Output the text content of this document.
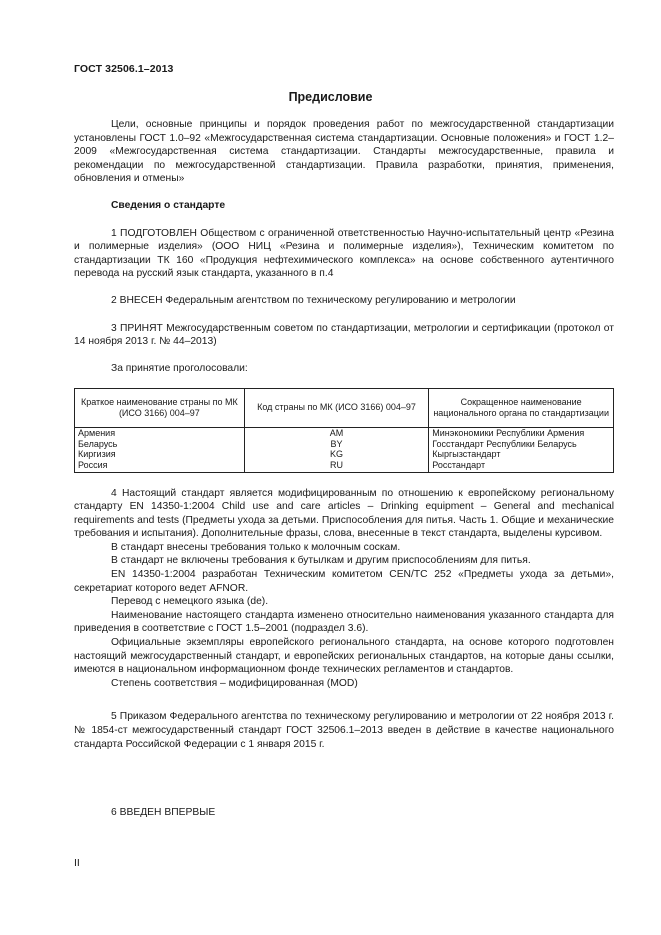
ГОСТ 32506.1–2013
Предисловие

Цели, основные принципы и порядок проведения работ по межгосударственной стандартизации установлены ГОСТ 1.0–92 «Межгосударственная система стандартизации. Основные положения» и ГОСТ 1.2–2009 «Межгосударственная система стандартизации. Стандарты межгосударственные, правила и рекомендации по межгосударственной стандартизации. Правила разработки, принятия, применения, обновления и отмены»

Сведения о стандарте

1 ПОДГОТОВЛЕН Обществом с ограниченной ответственностью Научно-испытательный центр «Резина и полимерные изделия» (ООО НИЦ «Резина и полимерные изделия»), Техническим комитетом по стандартизации ТК 160 «Продукция нефтехимического комплекса» на основе собственного аутентичного перевода на русский язык стандарта, указанного в п.4

2 ВНЕСЕН Федеральным агентством по техническому регулированию и метрологии

3 ПРИНЯТ Межгосударственным советом по стандартизации, метрологии и сертификации (протокол от 14 ноября 2013 г. № 44–2013)

За принятие проголосовали:

Краткое наименование страны по МК (ИСО 3166) 004–97	Код страны по МК (ИСО 3166) 004–97	Сокращенное наименование национального органа по стандартизации
Армения	AM	Минэкономики Республики Армения
Беларусь	BY	Госстандарт Республики Беларусь
Киргизия	KG	Кыргызстандарт
Россия	RU	Росстандарт

4 Настоящий стандарт является модифицированным по отношению к европейскому региональному стандарту EN 14350-1:2004 Child use and care articles – Drinking equipment – General and mechanical requirements and tests (Предметы ухода за детьми. Приспособления для питья. Часть 1. Общие и механические требования и испытания). Дополнительные фразы, слова, внесенные в текст стандарта, выделены курсивом.

В стандарт внесены требования только к молочным соскам.

В стандарт не включены требования к бутылкам и другим приспособлениям для питья.

EN 14350-1:2004 разработан Техническим комитетом CEN/TC 252 «Предметы ухода за детьми», секретариат которого ведет AFNOR.

Перевод с немецкого языка (de).

Наименование настоящего стандарта изменено относительно наименования указанного стандарта для приведения в соответствие с ГОСТ 1.5–2001 (подраздел 3.6).

Официальные экземпляры европейского регионального стандарта, на основе которого подготовлен настоящий межгосударственный стандарт, и европейских региональных стандартов, на которые даны ссылки, имеются в национальном информационном фонде технических регламентов и стандартов.

Степень соответствия – модифицированная (MOD)

5 Приказом Федерального агентства по техническому регулированию и метрологии от 22 ноября 2013 г. № 1854-ст межгосударственный стандарт ГОСТ 32506.1–2013 введен в действие в качестве национального стандарта Российской Федерации с 1 января 2015 г.

6 ВВЕДЕН ВПЕРВЫЕ

II
